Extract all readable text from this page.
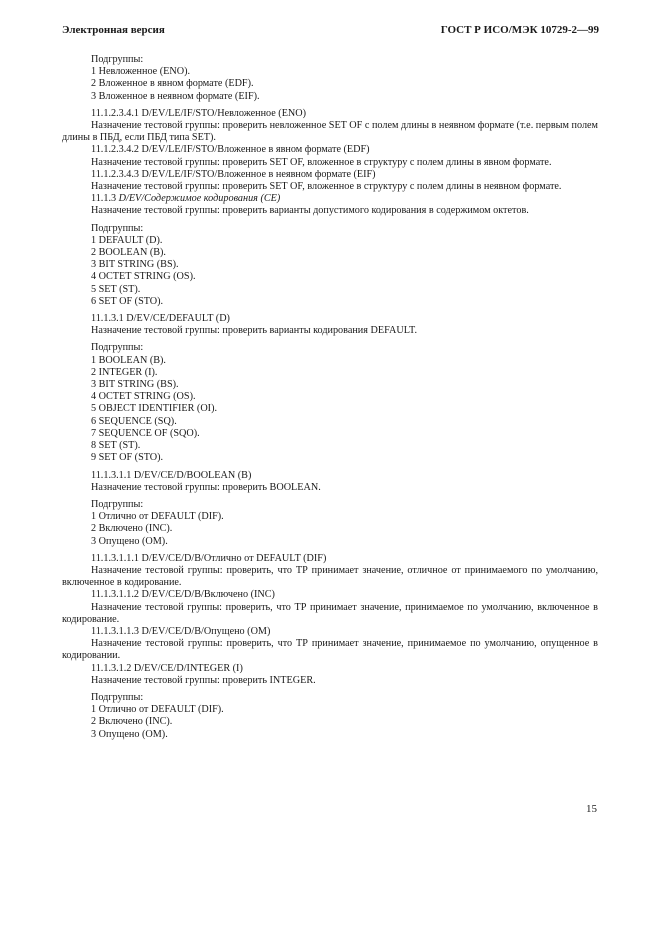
Электронная версия	ГОСТ Р ИСО/МЭК 10729-2—99
Подгруппы:
1 Невложенное (ENO).
2 Вложенное в явном формате (EDF).
3 Вложенное в неявном формате (EIF).
11.1.2.3.4.1 D/EV/LE/IF/STO/Невложенное (ENO)
Назначение тестовой группы: проверить невложенное SET OF с полем длины в неявном формате (т.е. первым полем длины в ПБД, если ПБД типа SET).
11.1.2.3.4.2 D/EV/LE/IF/STO/Вложенное в явном формате (EDF)
Назначение тестовой группы: проверить SET OF, вложенное в структуру с полем длины в явном формате.
11.1.2.3.4.3 D/EV/LE/IF/STO/Вложенное в неявном формате (EIF)
Назначение тестовой группы: проверить SET OF, вложенное в структуру с полем длины в неявном формате.
11.1.3 D/EV/Содержимое кодирования (CE)
Назначение тестовой группы: проверить варианты допустимого кодирования в содержимом октетов.
Подгруппы:
1 DEFAULT (D).
2 BOOLEAN (B).
3 BIT STRING (BS).
4 OCTET STRING (OS).
5 SET (ST).
6 SET OF (STO).
11.1.3.1 D/EV/CE/DEFAULT (D)
Назначение тестовой группы: проверить варианты кодирования DEFAULT.
Подгруппы:
1 BOOLEAN (B).
2 INTEGER (I).
3 BIT STRING (BS).
4 OCTET STRING (OS).
5 OBJECT IDENTIFIER (OI).
6 SEQUENCE (SQ).
7 SEQUENCE OF (SQO).
8 SET (ST).
9 SET OF (STO).
11.1.3.1.1 D/EV/CE/D/BOOLEAN (B)
Назначение тестовой группы: проверить BOOLEAN.
Подгруппы:
1 Отлично от DEFAULT (DIF).
2 Включено (INC).
3 Опущено (OM).
11.1.3.1.1.1 D/EV/CE/D/B/Отлично от DEFAULT (DIF)
Назначение тестовой группы: проверить, что ТР принимает значение, отличное от принимаемого по умолчанию, включенное в кодирование.
11.1.3.1.1.2 D/EV/CE/D/B/Включено (INC)
Назначение тестовой группы: проверить, что ТР принимает значение, принимаемое по умолчанию, включенное в кодирование.
11.1.3.1.1.3 D/EV/CE/D/B/Опущено (OM)
Назначение тестовой группы: проверить, что ТР принимает значение, принимаемое по умолчанию, опущенное в кодировании.
11.1.3.1.2 D/EV/CE/D/INTEGER (I)
Назначение тестовой группы: проверить INTEGER.
Подгруппы:
1 Отлично от DEFAULT (DIF).
2 Включено (INC).
3 Опущено (OM).
15
